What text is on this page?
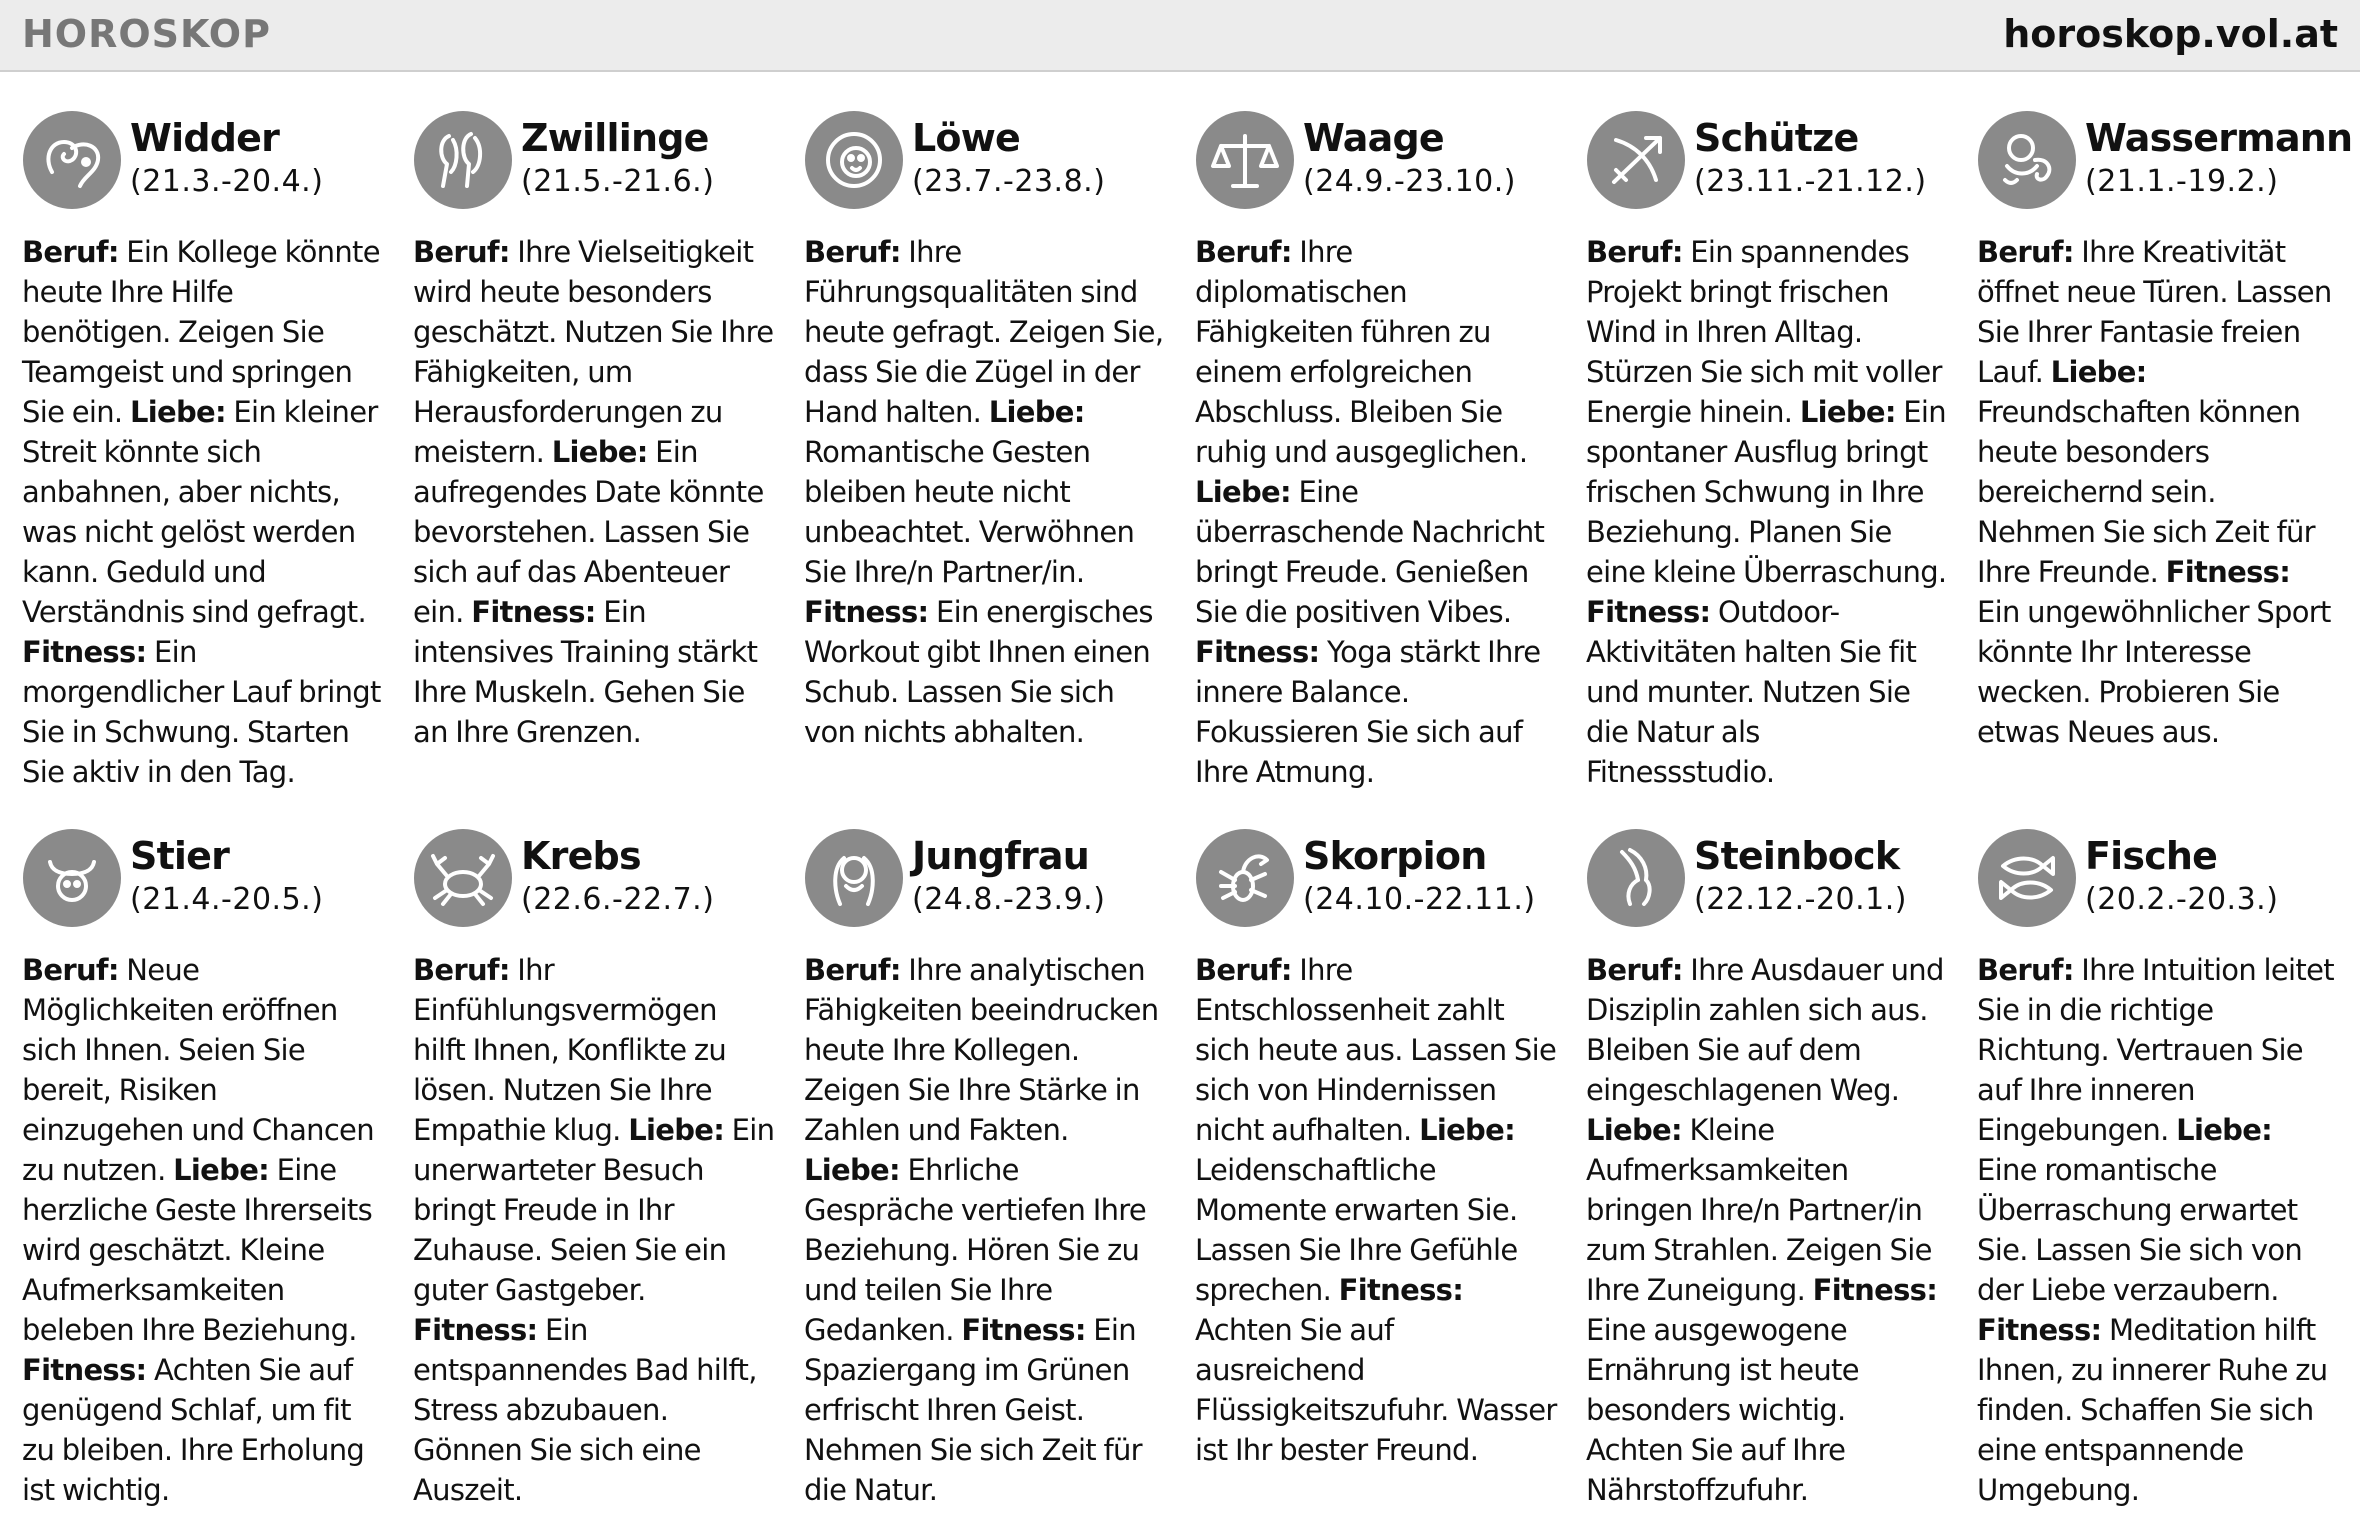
HOROSKOP	horoskop.vol.at
Widder
(21.3.-20.4.)
Beruf: Ein Kollege könnte heute Ihre Hilfe benötigen. Zeigen Sie Teamgeist und springen Sie ein. Liebe: Ein kleiner Streit könnte sich anbahnen, aber nichts, was nicht gelöst werden kann. Geduld und Verständnis sind gefragt. Fitness: Ein morgendlicher Lauf bringt Sie in Schwung. Starten Sie aktiv in den Tag.
Zwillinge
(21.5.-21.6.)
Beruf: Ihre Vielseitigkeit wird heute besonders geschätzt. Nutzen Sie Ihre Fähigkeiten, um Herausforderungen zu meistern. Liebe: Ein aufregendes Date könnte bevorstehen. Lassen Sie sich auf das Abenteuer ein. Fitness: Ein intensives Training stärkt Ihre Muskeln. Gehen Sie an Ihre Grenzen.
Löwe
(23.7.-23.8.)
Beruf: Ihre Führungsqualitäten sind heute gefragt. Zeigen Sie, dass Sie die Zügel in der Hand halten. Liebe: Romantische Gesten bleiben heute nicht unbeachtet. Verwöhnen Sie Ihre/n Partner/in. Fitness: Ein energisches Workout gibt Ihnen einen Schub. Lassen Sie sich von nichts abhalten.
Waage
(24.9.-23.10.)
Beruf: Ihre diplomatischen Fähigkeiten führen zu einem erfolgreichen Abschluss. Bleiben Sie ruhig und ausgeglichen. Liebe: Eine überraschende Nachricht bringt Freude. Genießen Sie die positiven Vibes. Fitness: Yoga stärkt Ihre innere Balance. Fokussieren Sie sich auf Ihre Atmung.
Schütze
(23.11.-21.12.)
Beruf: Ein spannendes Projekt bringt frischen Wind in Ihren Alltag. Stürzen Sie sich mit voller Energie hinein. Liebe: Ein spontaner Ausflug bringt frischen Schwung in Ihre Beziehung. Planen Sie eine kleine Überraschung. Fitness: Outdoor-Aktivitäten halten Sie fit und munter. Nutzen Sie die Natur als Fitnessstudio.
Wassermann
(21.1.-19.2.)
Beruf: Ihre Kreativität öffnet neue Türen. Lassen Sie Ihrer Fantasie freien Lauf. Liebe: Freundschaften können heute besonders bereichernd sein. Nehmen Sie sich Zeit für Ihre Freunde. Fitness: Ein ungewöhnlicher Sport könnte Ihr Interesse wecken. Probieren Sie etwas Neues aus.
Stier
(21.4.-20.5.)
Beruf: Neue Möglichkeiten eröffnen sich Ihnen. Seien Sie bereit, Risiken einzugehen und Chancen zu nutzen. Liebe: Eine herzliche Geste Ihrerseits wird geschätzt. Kleine Aufmerksamkeiten beleben Ihre Beziehung. Fitness: Achten Sie auf genügend Schlaf, um fit zu bleiben. Ihre Erholung ist wichtig.
Krebs
(22.6.-22.7.)
Beruf: Ihr Einfühlungsvermögen hilft Ihnen, Konflikte zu lösen. Nutzen Sie Ihre Empathie klug. Liebe: Ein unerwarteter Besuch bringt Freude in Ihr Zuhause. Seien Sie ein guter Gastgeber. Fitness: Ein entspannendes Bad hilft, Stress abzubauen. Gönnen Sie sich eine Auszeit.
Jungfrau
(24.8.-23.9.)
Beruf: Ihre analytischen Fähigkeiten beeindrucken heute Ihre Kollegen. Zeigen Sie Ihre Stärke in Zahlen und Fakten. Liebe: Ehrliche Gespräche vertiefen Ihre Beziehung. Hören Sie zu und teilen Sie Ihre Gedanken. Fitness: Ein Spaziergang im Grünen erfrischt Ihren Geist. Nehmen Sie sich Zeit für die Natur.
Skorpion
(24.10.-22.11.)
Beruf: Ihre Entschlossenheit zahlt sich heute aus. Lassen Sie sich von Hindernissen nicht aufhalten. Liebe: Leidenschaftliche Momente erwarten Sie. Lassen Sie Ihre Gefühle sprechen. Fitness: Achten Sie auf ausreichend Flüssigkeitszufuhr. Wasser ist Ihr bester Freund.
Steinbock
(22.12.-20.1.)
Beruf: Ihre Ausdauer und Disziplin zahlen sich aus. Bleiben Sie auf dem eingeschlagenen Weg. Liebe: Kleine Aufmerksamkeiten bringen Ihre/n Partner/in zum Strahlen. Zeigen Sie Ihre Zuneigung. Fitness: Eine ausgewogene Ernährung ist heute besonders wichtig. Achten Sie auf Ihre Nährstoffzufuhr.
Fische
(20.2.-20.3.)
Beruf: Ihre Intuition leitet Sie in die richtige Richtung. Vertrauen Sie auf Ihre inneren Eingebungen. Liebe: Eine romantische Überraschung erwartet Sie. Lassen Sie sich von der Liebe verzaubern. Fitness: Meditation hilft Ihnen, zu innerer Ruhe zu finden. Schaffen Sie sich eine entspannende Umgebung.
